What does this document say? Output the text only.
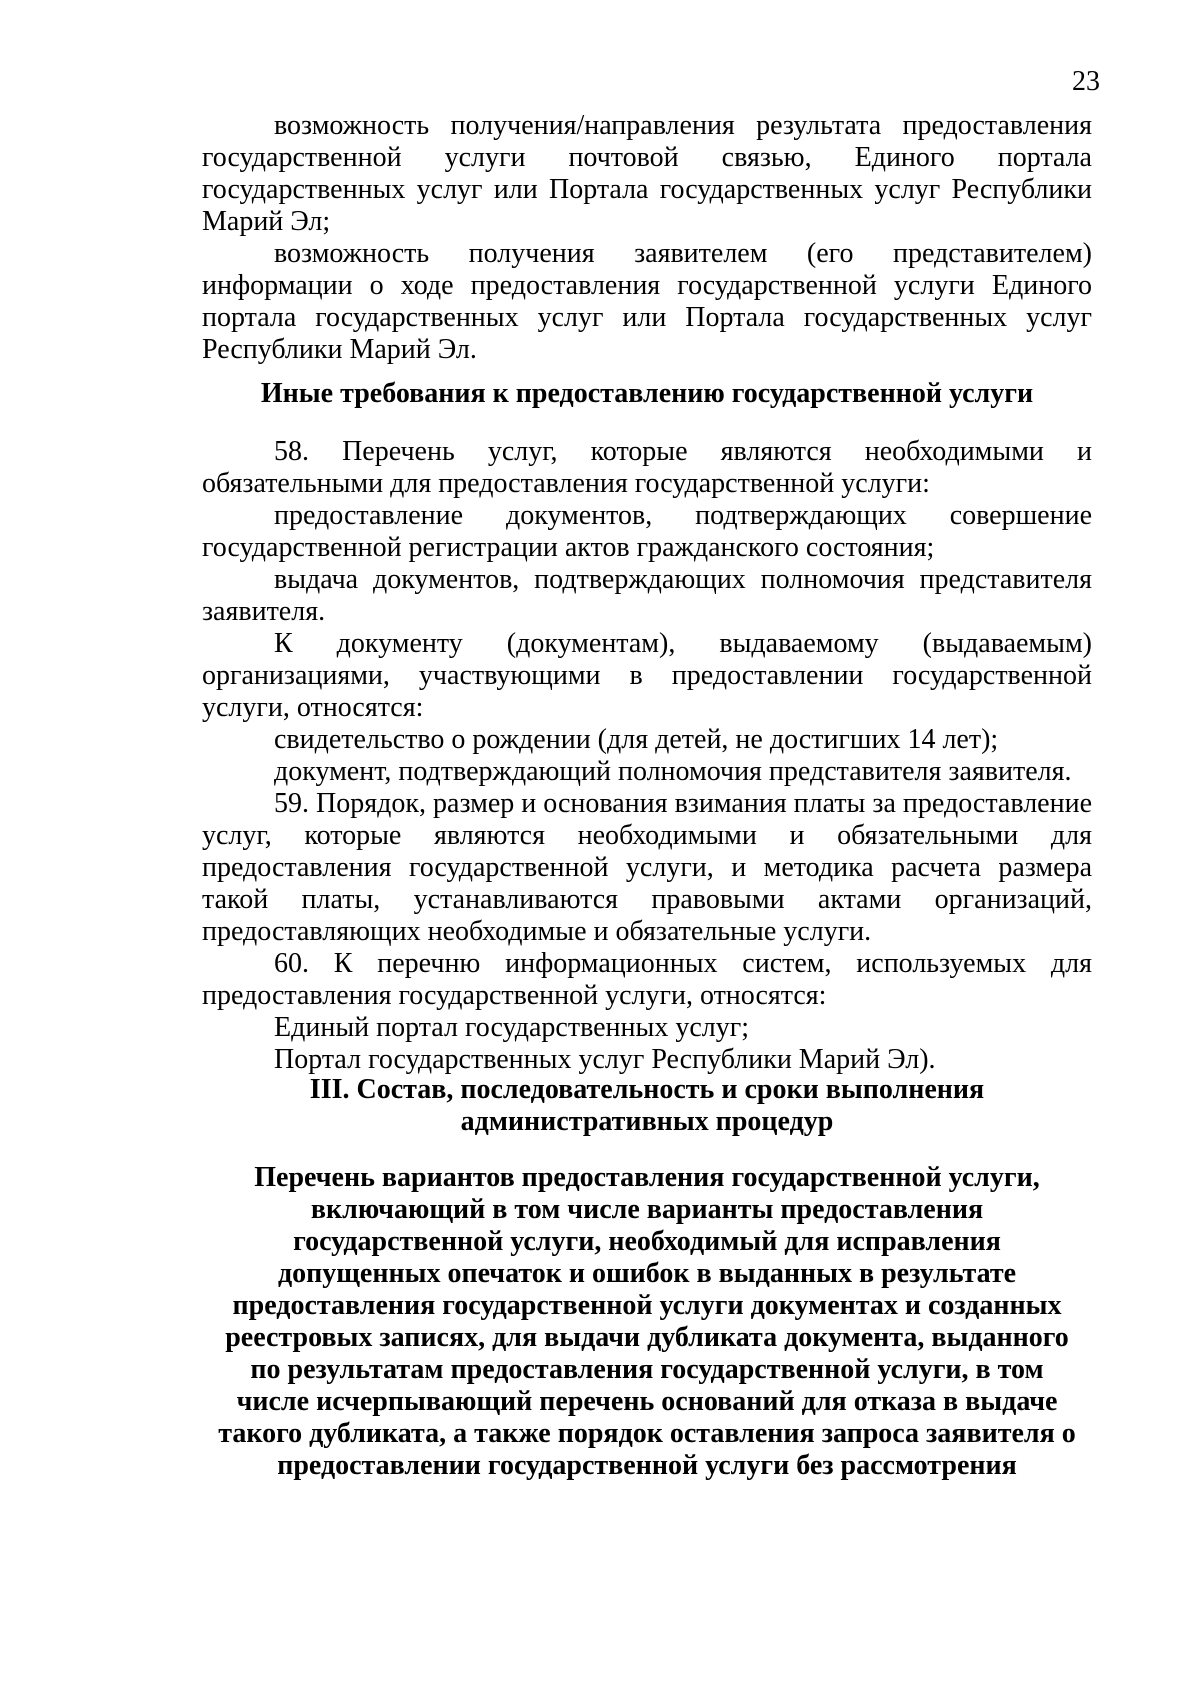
23

возможность получения/направления результата предоставления государственной услуги почтовой связью, Единого портала государственных услуг или Портала государственных услуг Республики Марий Эл;

возможность получения заявителем (его представителем) информации о ходе предоставления государственной услуги Единого портала государственных услуг или Портала государственных услуг Республики Марий Эл.

Иные требования к предоставлению государственной услуги

58. Перечень услуг, которые являются необходимыми и обязательными для предоставления государственной услуги:

предоставление документов, подтверждающих совершение государственной регистрации актов гражданского состояния;

выдача документов, подтверждающих полномочия представителя заявителя.

К документу (документам), выдаваемому (выдаваемым) организациями, участвующими в предоставлении государственной услуги, относятся:

свидетельство о рождении (для детей, не достигших 14 лет);

документ, подтверждающий полномочия представителя заявителя.

59. Порядок, размер и основания взимания платы за предоставление услуг, которые являются необходимыми и обязательными для предоставления государственной услуги, и методика расчета размера такой платы, устанавливаются правовыми актами организаций, предоставляющих необходимые и обязательные услуги.

60. К перечню информационных систем, используемых для предоставления государственной услуги, относятся:

Единый портал государственных услуг;

Портал государственных услуг Республики Марий Эл).

III. Состав, последовательность и сроки выполнения
административных процедур
Перечень вариантов предоставления государственной услуги,
включающий в том числе варианты предоставления
государственной услуги, необходимый для исправления
допущенных опечаток и ошибок в выданных в результате
предоставления государственной услуги документах и созданных
реестровых записях, для выдачи дубликата документа, выданного
по результатам предоставления государственной услуги, в том
числе исчерпывающий перечень оснований для отказа в выдаче
такого дубликата, а также порядок оставления запроса заявителя о
предоставлении государственной услуги без рассмотрения
